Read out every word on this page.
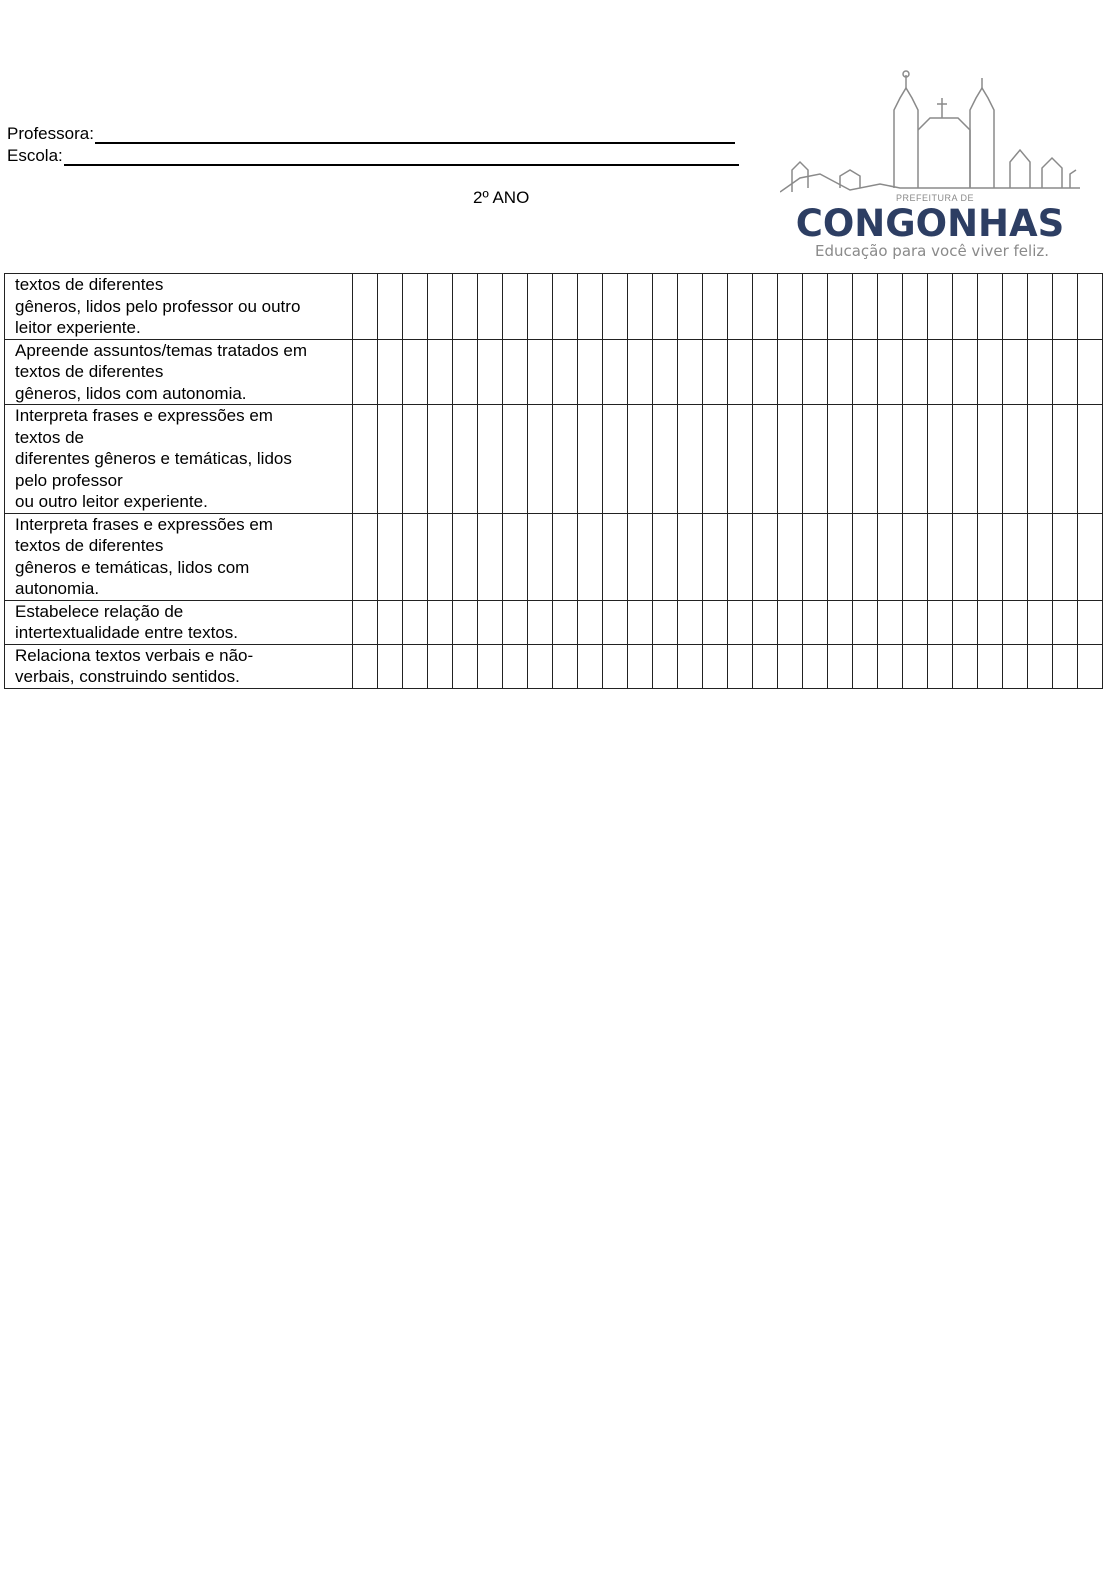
Professora:
Escola:
2º ANO	PREFEITURA DE
CONGONHAS
Educação para você viver feliz.
textos de diferentes
gêneros, lidos pelo professor ou outro
leitor experiente.																														

Apreende assuntos/temas tratados em
textos de diferentes
gêneros, lidos com autonomia.																														

Interpreta frases e expressões em
textos de
diferentes gêneros e temáticas, lidos
pelo professor
ou outro leitor experiente.																														

Interpreta frases e expressões em
textos de diferentes
gêneros e temáticas, lidos com
autonomia.																														

Estabelece relação de
intertextualidade entre textos.																														

Relaciona textos verbais e não-
verbais, construindo sentidos.																														
